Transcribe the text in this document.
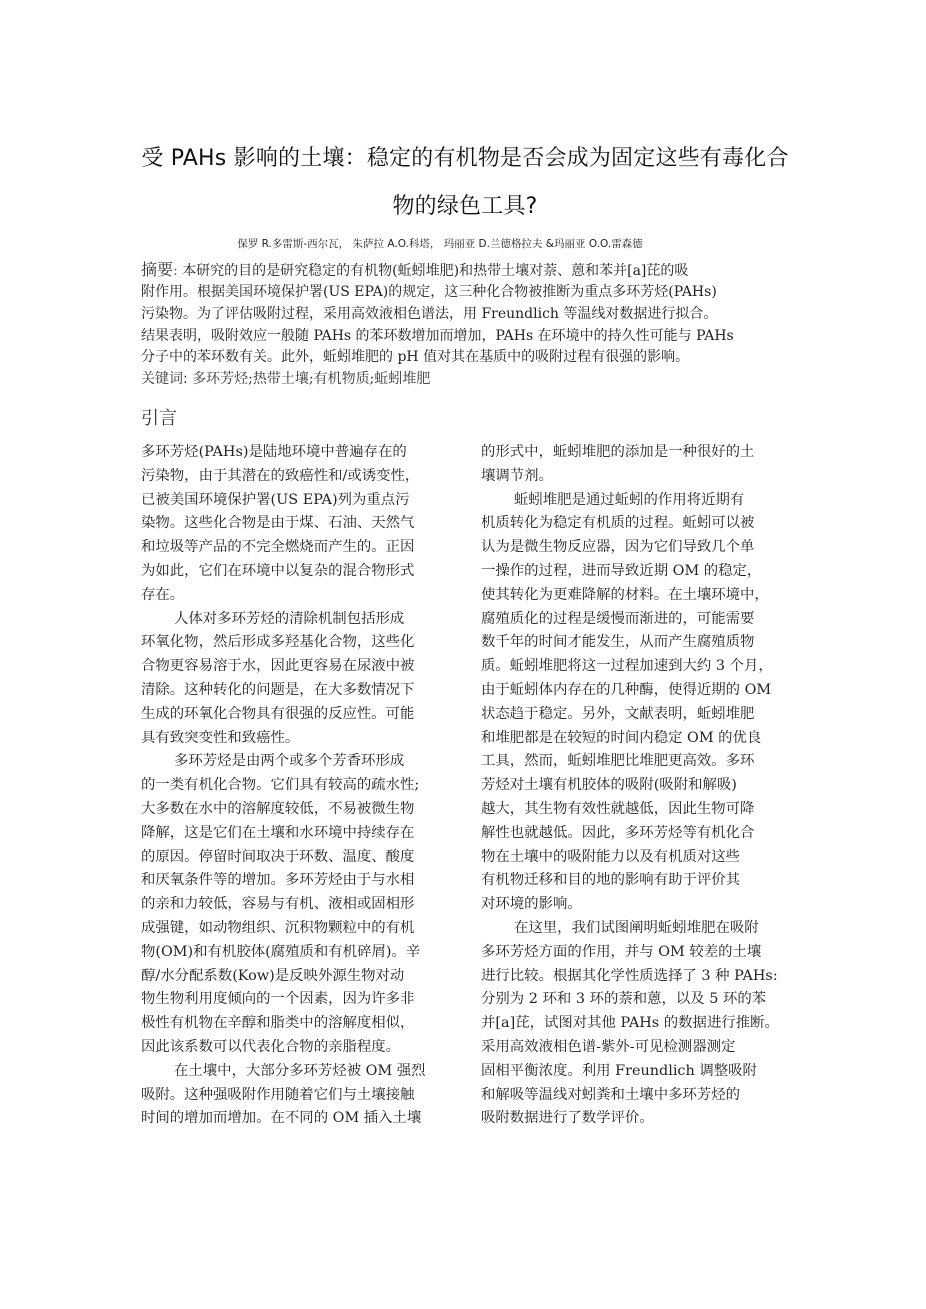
受 PAHs 影响的土壤：稳定的有机物是否会成为固定这些有毒化合
物的绿色工具?
保罗 R.多雷斯-西尔瓦， 朱萨拉 A.O.科塔， 玛丽亚 D.兰德格拉夫 &玛丽亚 O.O.雷森德
摘要: 本研究的目的是研究稳定的有机物(蚯蚓堆肥)和热带土壤对萘、蒽和苯并[a]芘的吸
附作用。根据美国环境保护署(US EPA)的规定，这三种化合物被推断为重点多环芳烃(PAHs)
污染物。为了评估吸附过程，采用高效液相色谱法，用 Freundlich 等温线对数据进行拟合。
结果表明，吸附效应一般随 PAHs 的苯环数增加而增加，PAHs 在环境中的持久性可能与 PAHs
分子中的苯环数有关。此外，蚯蚓堆肥的 pH 值对其在基质中的吸附过程有很强的影响。
关键词: 多环芳烃;热带土壤;有机物质;蚯蚓堆肥
引言
多环芳烃(PAHs)是陆地环境中普遍存在的
污染物，由于其潜在的致癌性和/或诱变性，
已被美国环境保护署(US EPA)列为重点污
染物。这些化合物是由于煤、石油、天然气
和垃圾等产品的不完全燃烧而产生的。正因
为如此，它们在环境中以复杂的混合物形式
存在。
人体对多环芳烃的清除机制包括形成
环氧化物，然后形成多羟基化合物，这些化
合物更容易溶于水，因此更容易在尿液中被
清除。这种转化的问题是，在大多数情况下
生成的环氧化合物具有很强的反应性。可能
具有致突变性和致癌性。
多环芳烃是由两个或多个芳香环形成
的一类有机化合物。它们具有较高的疏水性;
大多数在水中的溶解度较低，不易被微生物
降解，这是它们在土壤和水环境中持续存在
的原因。停留时间取决于环数、温度、酸度
和厌氧条件等的增加。多环芳烃由于与水相
的亲和力较低，容易与有机、液相或固相形
成强键，如动物组织、沉积物颗粒中的有机
物(OM)和有机胶体(腐殖质和有机碎屑)。辛
醇/水分配系数(Kow)是反映外源生物对动
物生物利用度倾向的一个因素，因为许多非
极性有机物在辛醇和脂类中的溶解度相似，
因此该系数可以代表化合物的亲脂程度。
在土壤中，大部分多环芳烃被 OM 强烈
吸附。这种强吸附作用随着它们与土壤接触
时间的增加而增加。在不同的 OM 插入土壤
的形式中，蚯蚓堆肥的添加是一种很好的土
壤调节剂。
蚯蚓堆肥是通过蚯蚓的作用将近期有
机质转化为稳定有机质的过程。蚯蚓可以被
认为是微生物反应器，因为它们导致几个单
一操作的过程，进而导致近期 OM 的稳定，
使其转化为更难降解的材料。在土壤环境中，
腐殖质化的过程是缓慢而渐进的，可能需要
数千年的时间才能发生，从而产生腐殖质物
质。蚯蚓堆肥将这一过程加速到大约 3 个月，
由于蚯蚓体内存在的几种酶，使得近期的 OM
状态趋于稳定。另外，文献表明，蚯蚓堆肥
和堆肥都是在较短的时间内稳定 OM 的优良
工具，然而，蚯蚓堆肥比堆肥更高效。多环
芳烃对土壤有机胶体的吸附(吸附和解吸)
越大，其生物有效性就越低，因此生物可降
解性也就越低。因此，多环芳烃等有机化合
物在土壤中的吸附能力以及有机质对这些
有机物迁移和目的地的影响有助于评价其
对环境的影响。
在这里，我们试图阐明蚯蚓堆肥在吸附
多环芳烃方面的作用，并与 OM 较差的土壤
进行比较。根据其化学性质选择了 3 种 PAHs:
分别为 2 环和 3 环的萘和蒽，以及 5 环的苯
并[a]芘，试图对其他 PAHs 的数据进行推断。
采用高效液相色谱-紫外-可见检测器测定
固相平衡浓度。利用 Freundlich 调整吸附
和解吸等温线对蚓粪和土壤中多环芳烃的
吸附数据进行了数学评价。
